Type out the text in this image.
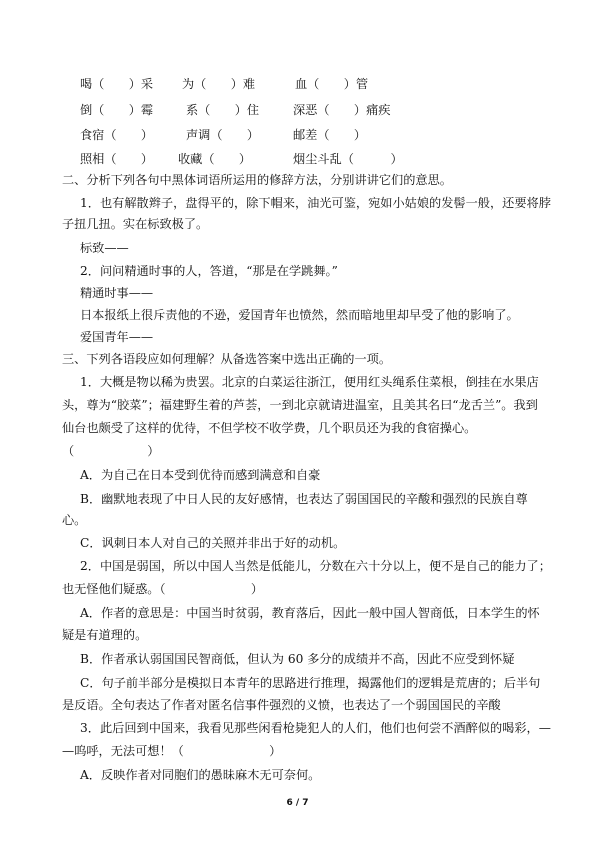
喝（　　）采 为（　　）难	血（　　）管
倒（　　）霉	系（　　）住	深恶（　　）痛疾
食宿（　　）	声调（　　）	邮差（　　）
照相（　　） 收藏（　　）	烟尘斗乱（　　　）
二、分析下列各句中黑体词语所运用的修辞方法，分别讲讲它们的意思。
1．也有解散辫子，盘得平的，除下帽来，油光可鉴，宛如小姑娘的发髻一般，还要将脖
子扭几扭。实在标致极了。
标致——
2．问问精通时事的人，答道，“那是在学跳舞。”
精通时事——
日本报纸上很斥责他的不逊，爱国青年也愤然，然而暗地里却早受了他的影响了。
爱国青年——
三、下列各语段应如何理解？从备选答案中选出正确的一项。
1．大概是物以稀为贵罢。北京的白菜运往浙江，便用红头绳系住菜根，倒挂在水果店
头，尊为“胶菜”；福建野生着的芦荟，一到北京就请进温室，且美其名曰“龙舌兰”。我到
仙台也颇受了这样的优待，不但学校不收学费，几个职员还为我的食宿操心。
（　　　　　　）
A．为自己在日本受到优待而感到满意和自豪
B．幽默地表现了中日人民的友好感情，也表达了弱国国民的辛酸和强烈的民族自尊
心。
C．讽刺日本人对自己的关照并非出于好的动机。
2．中国是弱国，所以中国人当然是低能儿，分数在六十分以上，便不是自己的能力了；
也无怪他们疑惑。（　　　　　　　）
A．作者的意思是：中国当时贫弱，教育落后，因此一般中国人智商低，日本学生的怀
疑是有道理的。
B．作者承认弱国国民智商低，但认为 60 多分的成绩并不高，因此不应受到怀疑
C．句子前半部分是模拟日本青年的思路进行推理，揭露他们的逻辑是荒唐的；后半句
是反语。全句表达了作者对匿名信事件强烈的义愤，也表达了一个弱国国民的辛酸
3．此后回到中国来，我看见那些闲看枪毙犯人的人们，他们也何尝不酒醉似的喝彩，—
—呜呼，无法可想！（　　　　　　　）
A．反映作者对同胞们的愚昧麻木无可奈何。
6 / 7
